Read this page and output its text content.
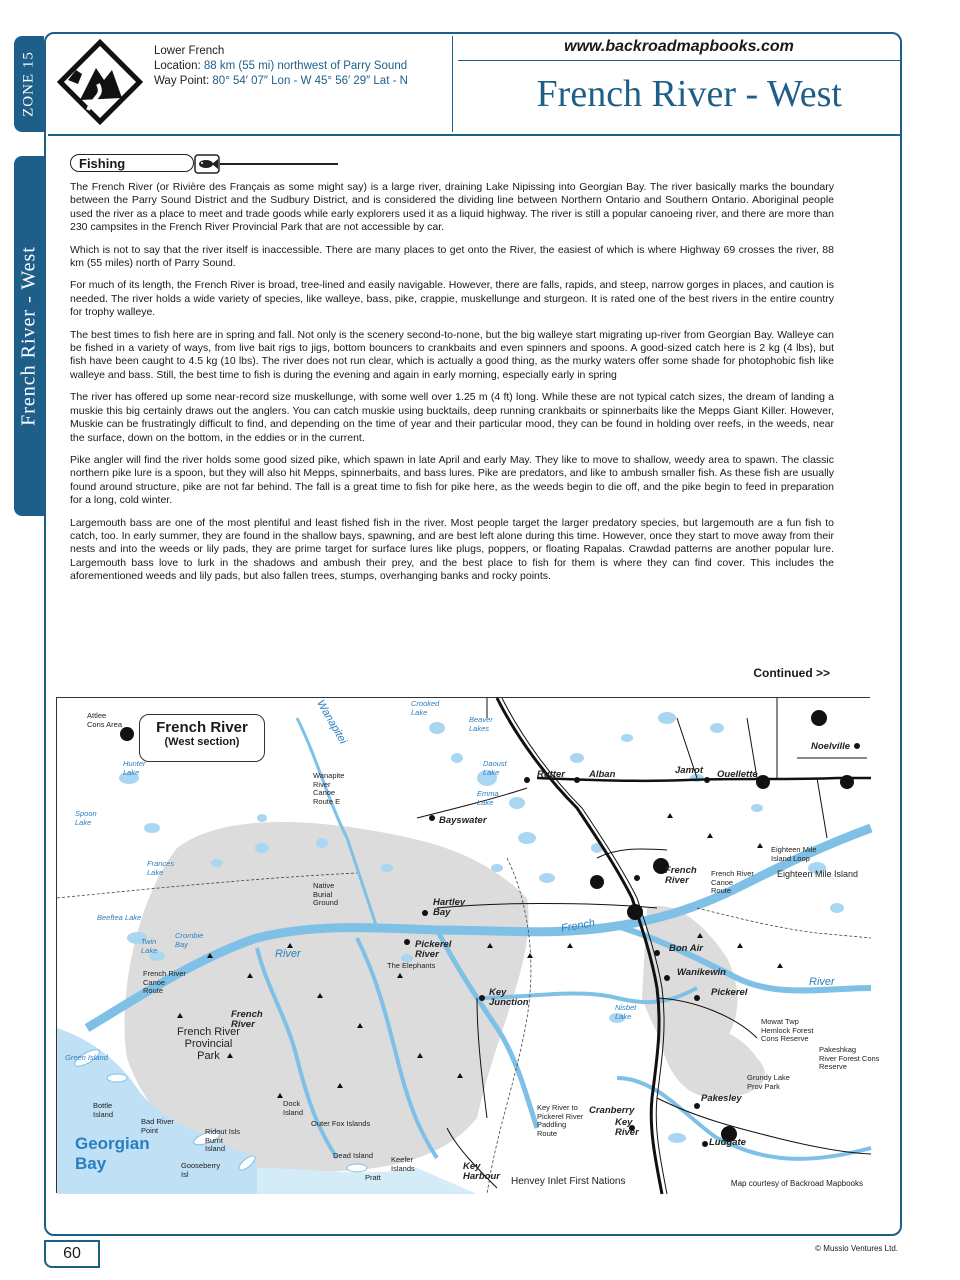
ZONE 15
French River - West
Lower French
Location: 88 km (55 mi) northwest of Parry Sound
Way Point: 80° 54′ 07″ Lon - W 45° 56′ 29″ Lat - N
www.backroadmapbooks.com
French River - West
Fishing

The French River (or Rivière des Français as some might say) is a large river, draining Lake Nipissing into Georgian Bay. The river basically marks the boundary between the Parry Sound District and the Sudbury District, and is considered the dividing line between Northern Ontario and Southern Ontario. Aboriginal people used the river as a place to meet and trade goods while early explorers used it as a liquid highway. The river is still a popular canoeing river, and there are more than 230 campsites in the French River Provincial Park that are not accessible by car.

Which is not to say that the river itself is inaccessible. There are many places to get onto the River, the easiest of which is where Highway 69 crosses the river, 88 km (55 miles) north of Parry Sound.

For much of its length, the French River is broad, tree-lined and easily navigable. However, there are falls, rapids, and steep, narrow gorges in places, and caution is needed. The river holds a wide variety of species, like walleye, bass, pike, crappie, muskellunge and sturgeon. It is rated one of the best rivers in the entire country for trophy walleye.

The best times to fish here are in spring and fall. Not only is the scenery second-to-none, but the big walleye start migrating up-river from Georgian Bay. Walleye can be fished in a variety of ways, from live bait rigs to jigs, bottom bouncers to crankbaits and even spinners and spoons. A good-sized catch here is 2 kg (4 lbs), but fish have been caught to 4.5 kg (10 lbs). The river does not run clear, which is actually a good thing, as the murky waters offer some shade for photophobic fish like walleye and bass. Still, the best time to fish is during the evening and again in early morning, especially early in spring

The river has offered up some near-record size muskellunge, with some well over 1.25 m (4 ft) long. While these are not typical catch sizes, the dream of landing a muskie this big certainly draws out the anglers. You can catch muskie using bucktails, deep running crankbaits or spinnerbaits like the Mepps Giant Killer. However, Muskie can be frustratingly difficult to find, and depending on the time of year and their particular mood, they can be found in holding over reefs, in the weeds, near the surface, down on the bottom, in the eddies or in the current.

Pike angler will find the river holds some good sized pike, which spawn in late April and early May. They like to move to shallow, weedy area to spawn. The classic northern pike lure is a spoon, but they will also hit Mepps, spinnerbaits, and bass lures. Pike are predators, and like to ambush smaller fish. As these fish are usually found around structure, pike are not far behind. The fall is a great time to fish for pike here, as the weeds begin to die off, and the pike begin to feed in preparation for a long, cold winter.

Largemouth bass are one of the most plentiful and least fished fish in the river. Most people target the larger predatory species, but largemouth are a fun fish to catch, too. In early summer, they are found in the shallow bays, spawning, and are best left alone during this time. However, once they start to move away from their nests and into the weeds or lily pads, they are prime target for surface lures like plugs, poppers, or floating Rapalas. Crawdad patterns are another popular lure. Largemouth bass love to lurk in the shadows and ambush their prey, and the best place to fish for them is where they can find cover. This includes the aforementioned weeds and lily pads, but also fallen trees, stumps, overhanging banks and rocky points.

Continued >>
French River
(West section)
Attlee
Cons Area
Hunter
Lake
Spoon
Lake
Frances
Lake
Beeftea Lake
Twin
Lake
Crombie
Bay
French River
Canoe
Route
French
River
French River
Provincial
Park
Georgian
Bay
Green Island
Bottle
Island
Bad River
Point	Ridout Isls
Burnt
Island
Gooseberry
Isl
Wanapite
River
Canoe
Route E
Wanapitei	Crooked
Lake
Beaver
Lakes
Bayswater
Emma
Lake
Daoust
Lake
Native
Burial
Ground	Hartley
Bay
Pickerel
River
The Elephants
Key
Junction
Key River to
Pickerel River
Paddling
Route
Cranberry
Key
River
Key
Harbour Henvey Inlet First Nations
Outer Fox Islands
Dead Island Keefer
Islands
Pratt
Dock
Island
Rutter	Alban	Jamot Ouellette
Noelville
French
River
French River
Canoe
Route
Bon Air
Wanikewin
Pickerel
Mowat Twp
Hemlock Forest
Cons Reserve
Pakeshkag
River Forest Cons
Reserve
Grundy Lake
Prov Park
Pakesley
Ludgate
Eighteen Mile Island
Eighteen Mile
Island Loop
Nisbet
Lake
River
River
French
Map courtesy of Backroad Mapbooks
60	© Mussio Ventures Ltd.
